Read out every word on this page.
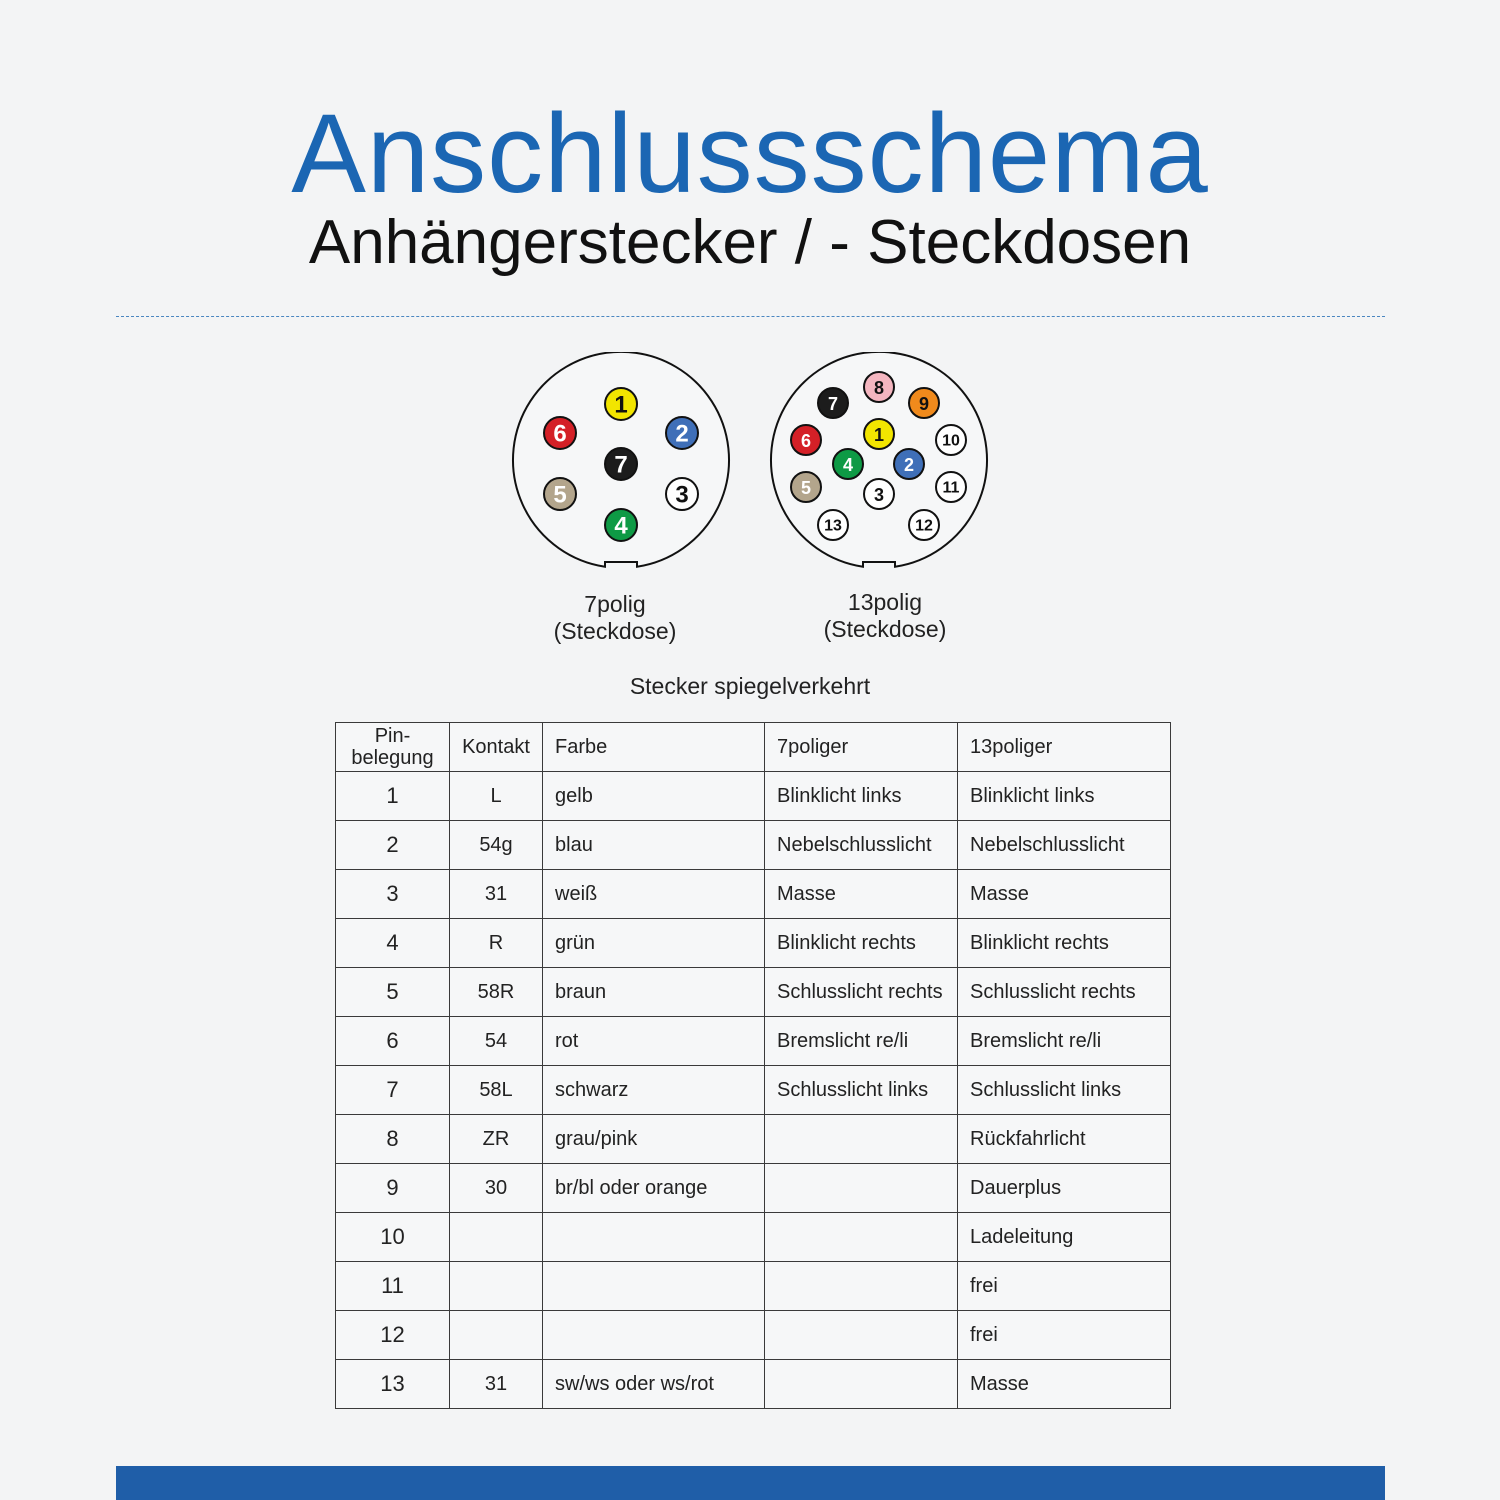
Anschlussschema
Anhängerstecker / - Steckdosen
1
2
3
4
5
6
7
7polig
(Steckdose)
1
2
3
4
5
6
7
8
9
10
11
12
13
13polig
(Steckdose)
Stecker spiegelverkehrt
Pin-
belegung	Kontakt	Farbe	7poliger	13poliger
1	L	gelb	Blinklicht links	Blinklicht links
2	54g	blau	Nebelschlusslicht	Nebelschlusslicht
3	31	weiß	Masse	Masse
4	R	grün	Blinklicht rechts	Blinklicht rechts
5	58R	braun	Schlusslicht rechts	Schlusslicht rechts
6	54	rot	Bremslicht re/li	Bremslicht re/li
7	58L	schwarz	Schlusslicht links	Schlusslicht links
8	ZR	grau/pink		Rückfahrlicht
9	30	br/bl oder orange		Dauerplus
10				Ladeleitung
11				frei
12				frei
13	31	sw/ws oder ws/rot		Masse
